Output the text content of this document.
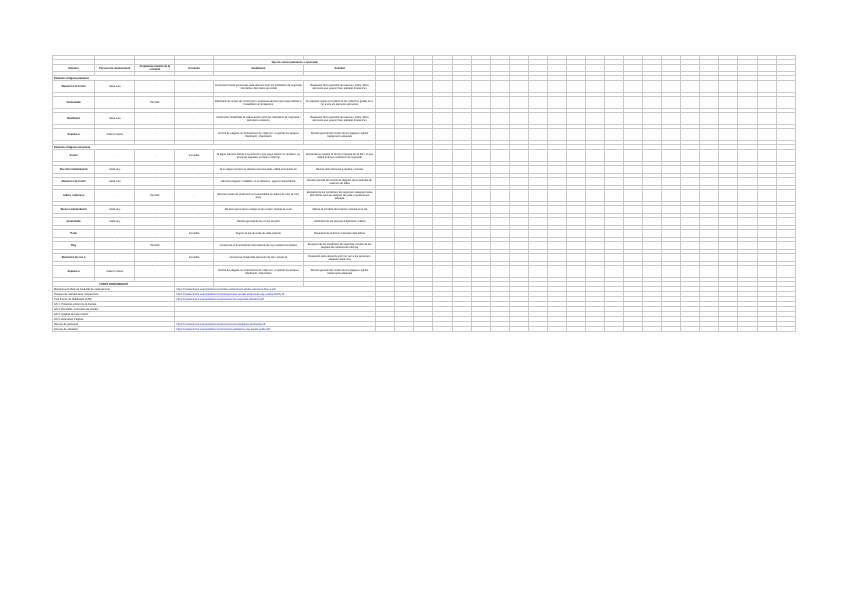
				Tipo de servei (autònomo o opcional)																							
Element	Persona de manteniment	Freqüència mínima de la condició	Correctiu	Justificació	Activitat																						

Elements d'alguna plantació																											
Element a de forma	Cada mes	-	-	Comprovar l'estat general de cada element amb els indicadors de seguretat i de planta i dels plans de treball	Reparació de la quantitat de reserves, fulles, altres elements que puguin fixar, adequar il'estat d'us																						

Gestionada	-	Periòdic	-	Eliminació de restes de construcció i qualsevol element que pugui afectar a l'estabilitat i a l'arrelament	En aquests casos la condició de les coberturs (poda) és a fer a tots els elements del servei																						

Bastiment	Cada mes	-	-	Comprovar l'estabilitat de cada element amb els indicadors de seguretat i dels parcs existents	Reparació de la quantitat de reserves, fulles, altres elements que puguin fixar, adequar il'estat d'us																						

Espècie a	Cada 6 mesos	-	-	Control de plagues en horticultures de mitjà curt, i registrar les tasques d'aplicació i d'aportació	Revisió general del control de les plagues i aplicar tractaments adequats																						

Elements d'alguna existència																											
Forma	-	-	Immediat	Si algun element afecta a la persona o que pugui causar un accident, es treurà de seguida i es farà un informe	Emparrat per reparar la forma o reposar-les al lloc i el que calgui amb les condicions de seguretat																						

Peu d'un manteniment	Cada any	-	-	Si en algun moment es detecta una anomalia, caldrà comunicar-ho	Revisió dels elements a reparar i reposar																						

Element a de forma	Cada mes	-	-	Eliminar plagues i malalties, si es detecten, segons l'especialista	Revisió general del control de plagues de la quantitat de reserves de fulles																						

Arbres i arbustos	-	Periòdic	-	Eliminar restes de poda amb una especialitat en arbres de més de cinc anys	Emparrat de les condicions de seguretat i adequar l'estat dels arbres amb les tasques de poda i manteniment adequat																						

Tanca a manteniment	Cada any	-	-	Revisar que la tanca estigui en bon estat i reparar-la si cal	Valorar la condició de la tanca i reposar-la si cal																						

Gestionada	Cada any	-	-	Revisió general de les zones de jardí	Verificació de les tasques d'aplicació i millora																						

Poda	-	-	Immediat	Segons el pla de poda de cada espècie	Reparació de la forma i l'aspecte dels arbres																						

Reg	-	Periòdic	-	Comprovar el funcionament del sistema de reg i reparar les avaries	Emparrat de les condicions de seguretat i revisió de les tasques de manteniment del reg																						

Element d de risc a	-	-	Immediat	Comprovar l'estat dels elements de risc i actuar-hi	Reparació dels elements amb risc per a les persones i adequar l'estat d'us																						

Espècie a	Cada 6 mesos	-	-	Control de plagues en horticultures de mitjà curt, i registrar les tasques d'aplicació i d'aportació	Revisió general del control de les plagues i aplicar tractaments adequats																						

FONTS D'INFORMACIÓ																											
Manteniment bàsic de l'activitat de cada element			https://manteniment.example/documents/pla-manteniment-jardins-elements-bloc-a.pdf																								
Tasques de manteniment i inspeccions			https://manteniment.example/documents/inspeccions-anuals-sistema-de-reg-i-arbrat-2023.pdf																								
Codi Tècnic de l'Edificació (CTE)			https://manteniment.example/documents/codi-tecnic-seguretat-utilitzacio.pdf																								
HS 1: Protecció enfront de la humitat																											
HS 2: Recollida i evacuació de residus																											
HS 4: Qualitat de l'aire interior																											
HS 5: Evacuació d'aigües																											
Normes de jardineria			https://manteniment.example/documents/normes-tecnologiques-jardineria.pdf																								
Normes de plantació			https://manteniment.example/documents/normes-plantacio-i-reg-espais-verds.pdf																								
